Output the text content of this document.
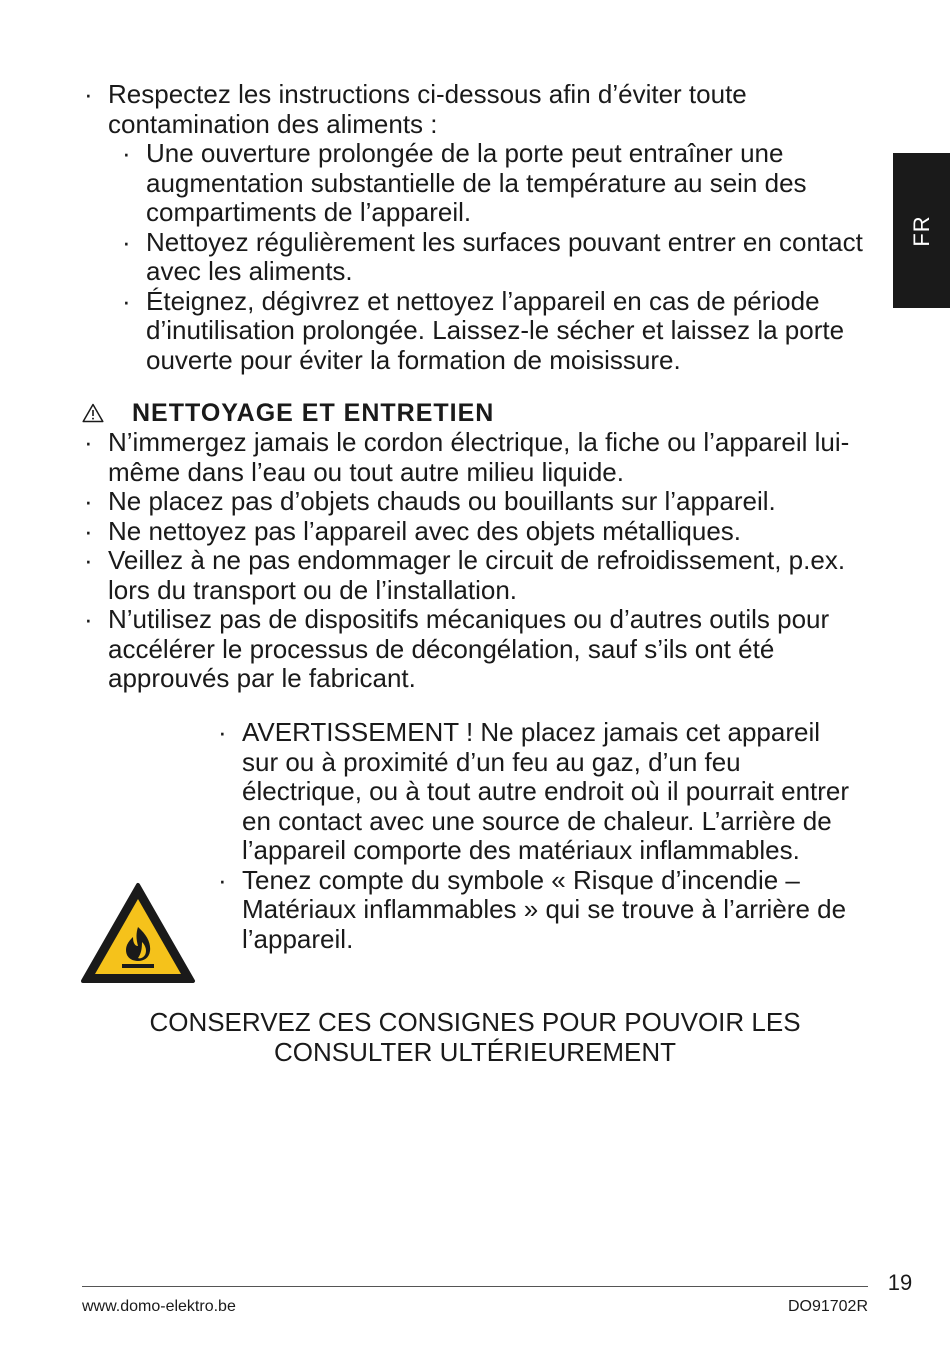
FR
· Respectez les instructions ci-dessous afin d’éviter toute contamination des aliments :
· Une ouverture prolongée de la porte peut entraîner une augmentation substantielle de la température au sein des compartiments de l’appareil.
· Nettoyez régulièrement les surfaces pouvant entrer en contact avec les aliments.
· Éteignez, dégivrez et nettoyez l’appareil en cas de période d’inutilisation prolongée. Laissez-le sécher et laissez la porte ouverte pour éviter la formation de moisissure.
NETTOYAGE ET ENTRETIEN
· N’immergez jamais le cordon électrique, la fiche ou l’appareil lui-même dans l’eau ou tout autre milieu liquide.
· Ne placez pas d’objets chauds ou bouillants sur l’appareil.
· Ne nettoyez pas l’appareil avec des objets métalliques.
· Veillez à ne pas endommager le circuit de refroidissement, p.ex. lors du transport ou de l’installation.
· N’utilisez pas de dispositifs mécaniques ou d’autres outils pour accélérer le processus de décongélation, sauf s’ils ont été approuvés par le fabricant.
· AVERTISSEMENT ! Ne placez jamais cet appareil sur ou à proximité d’un feu au gaz, d’un feu électrique, ou à tout autre endroit où il pourrait entrer en contact avec une source de chaleur. L’arrière de l’appareil comporte des matériaux inflammables.
· Tenez compte du symbole « Risque d’incendie – Matériaux inflammables » qui se trouve à l’arrière de l’appareil.
CONSERVEZ CES CONSIGNES POUR POUVOIR LES
CONSULTER ULTÉRIEUREMENT
19
www.domo-elektro.be	DO91702R
